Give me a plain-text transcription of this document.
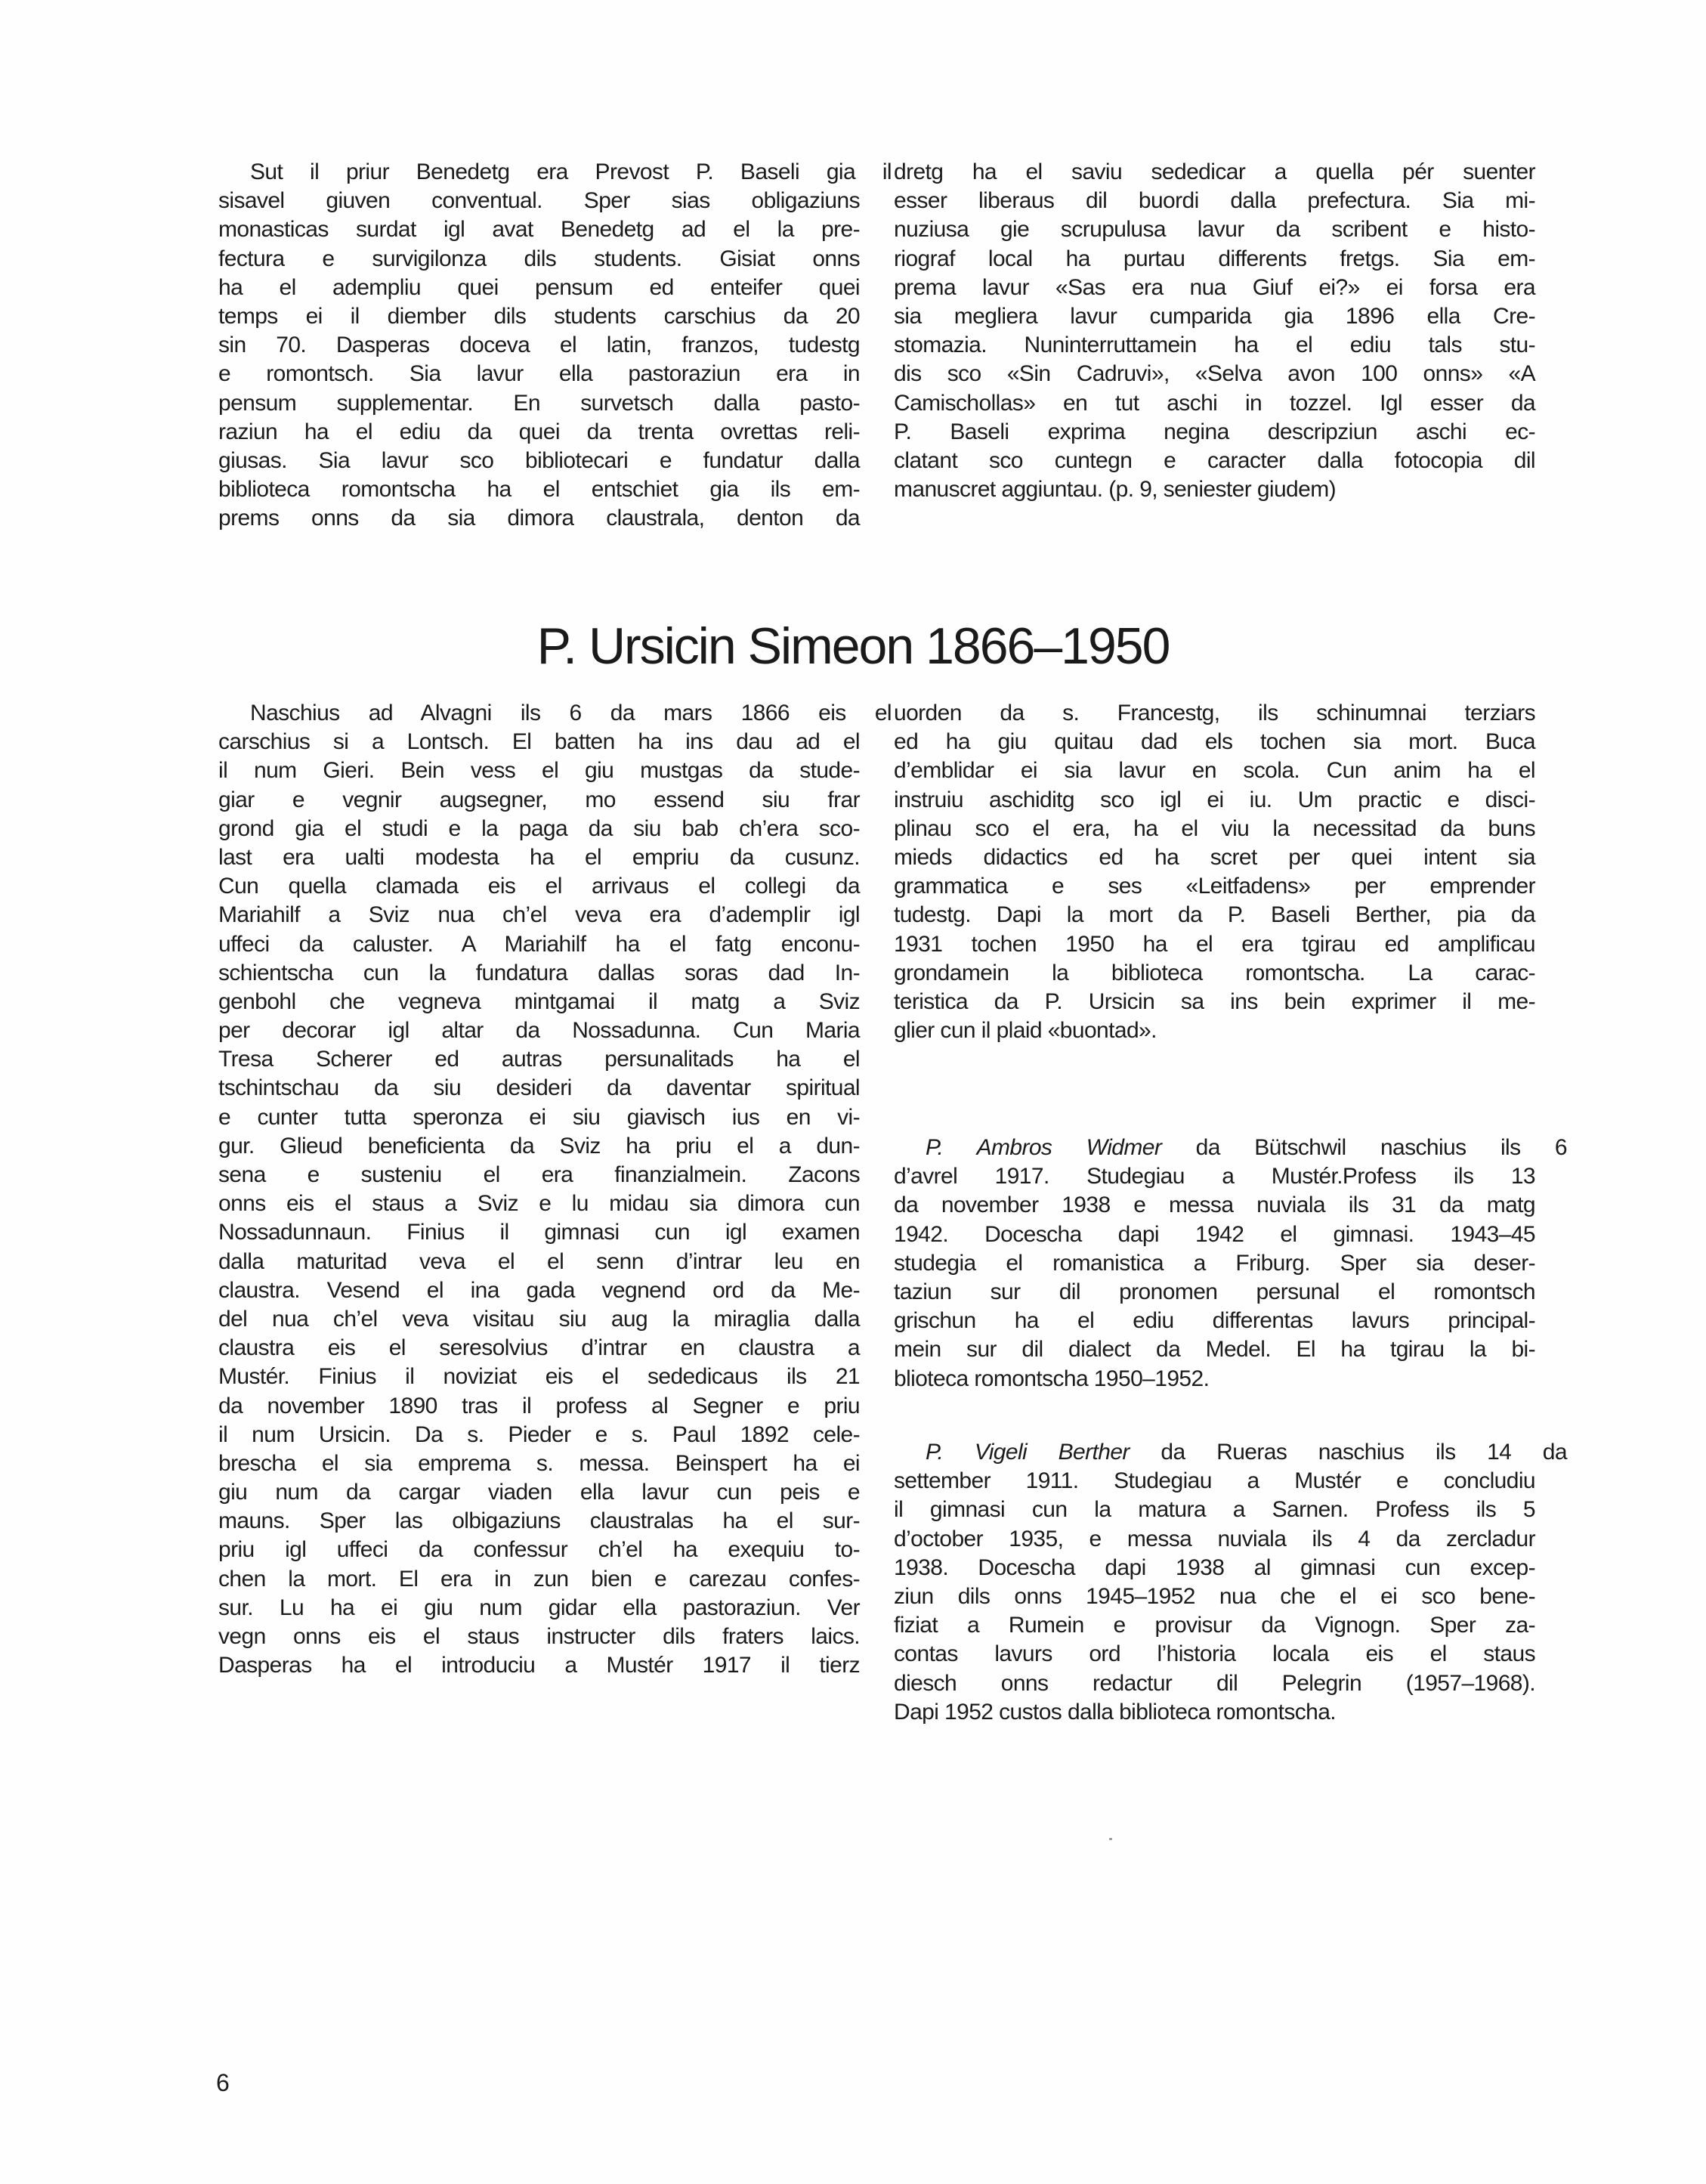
Sut il priur Benedetg era Prevost P. Baseli gia il
sisavel giuven conventual. Sper sias obligaziuns
monasticas surdat igl avat Benedetg ad el la pre-
fectura e survigilonza dils students. Gisiat onns
ha el adempliu quei pensum ed enteifer quei
temps ei il diember dils students carschius da 20
sin 70. Dasperas doceva el latin, franzos, tudestg
e romontsch. Sia lavur ella pastoraziun era in
pensum supplementar. En survetsch dalla pasto-
raziun ha el ediu da quei da trenta ovrettas reli-
giusas. Sia lavur sco bibliotecari e fundatur dalla
biblioteca romontscha ha el entschiet gia ils em-
prems onns da sia dimora claustrala, denton da
dretg ha el saviu sededicar a quella pér suenter
esser liberaus dil buordi dalla prefectura. Sia mi-
nuziusa gie scrupulusa lavur da scribent e histo-
riograf local ha purtau differents fretgs. Sia em-
prema lavur «Sas era nua Giuf ei?» ei forsa era
sia megliera lavur cumparida gia 1896 ella Cre-
stomazia. Nuninterruttamein ha el ediu tals stu-
dis sco «Sin Cadruvi», «Selva avon 100 onns» «A
Camischollas» en tut aschi in tozzel. Igl esser da
P. Baseli exprima negina descripziun aschi ec-
clatant sco cuntegn e caracter dalla fotocopia dil
manuscret aggiuntau. (p. 9, seniester giudem)
P. Ursicin Simeon 1866–1950
Naschius ad Alvagni ils 6 da mars 1866 eis el
carschius si a Lontsch. El batten ha ins dau ad el
il num Gieri. Bein vess el giu mustgas da stude-
giar e vegnir augsegner, mo essend siu frar
grond gia el studi e la paga da siu bab ch’era sco-
last era ualti modesta ha el empriu da cusunz.
Cun quella clamada eis el arrivaus el collegi da
Mariahilf a Sviz nua ch’el veva era d’adempIir igl
uffeci da caluster. A Mariahilf ha el fatg enconu-
schientscha cun la fundatura dallas soras dad In-
genbohl che vegneva mintgamai il matg a Sviz
per decorar igl altar da Nossadunna. Cun Maria
Tresa Scherer ed autras persunalitads ha el
tschintschau da siu desideri da daventar spiritual
e cunter tutta speronza ei siu giavisch ius en vi-
gur. Glieud beneficienta da Sviz ha priu el a dun-
sena e susteniu el era finanzialmein. Zacons
onns eis el staus a Sviz e lu midau sia dimora cun
Nossadunnaun. Finius il gimnasi cun igl examen
dalla maturitad veva el el senn d’intrar leu en
claustra. Vesend el ina gada vegnend ord da Me-
del nua ch’el veva visitau siu aug la miraglia dalla
claustra eis el seresolvius d’intrar en claustra a
Mustér. Finius il noviziat eis el sededicaus ils 21
da november 1890 tras il profess al Segner e priu
il num Ursicin. Da s. Pieder e s. Paul 1892 cele-
brescha el sia emprema s. messa. Beinspert ha ei
giu num da cargar viaden ella lavur cun peis e
mauns. Sper las olbigaziuns claustralas ha el sur-
priu igl uffeci da confessur ch’el ha exequiu to-
chen la mort. El era in zun bien e carezau confes-
sur. Lu ha ei giu num gidar ella pastoraziun. Ver
vegn onns eis el staus instructer dils fraters laics.
Dasperas ha el introduciu a Mustér 1917 il tierz
uorden da s. Francestg, ils schinumnai terziars
ed ha giu quitau dad els tochen sia mort. Buca
d’emblidar ei sia lavur en scola. Cun anim ha el
instruiu aschiditg sco igl ei iu. Um practic e disci-
plinau sco el era, ha el viu la necessitad da buns
mieds didactics ed ha scret per quei intent sia
grammatica e ses «Leitfadens» per emprender
tudestg. Dapi la mort da P. Baseli Berther, pia da
1931 tochen 1950 ha el era tgirau ed amplificau
grondamein la biblioteca romontscha. La carac-
teristica da P. Ursicin sa ins bein exprimer il me-
glier cun il plaid «buontad».
P. Ambros Widmer da Bütschwil naschius ils 6
d’avrel 1917. Studegiau a Mustér.Profess ils 13
da november 1938 e messa nuviala ils 31 da matg
1942. Docescha dapi 1942 el gimnasi. 1943–45
studegia el romanistica a Friburg. Sper sia deser-
taziun sur dil pronomen persunal el romontsch
grischun ha el ediu differentas lavurs principal-
mein sur dil dialect da Medel. El ha tgirau la bi-
blioteca romontscha 1950–1952.
P. Vigeli Berther da Rueras naschius ils 14 da
settember 1911. Studegiau a Mustér e concludiu
il gimnasi cun la matura a Sarnen. Profess ils 5
d’october 1935, e messa nuviala ils 4 da zercladur
1938. Docescha dapi 1938 al gimnasi cun excep-
ziun dils onns 1945–1952 nua che el ei sco bene-
fiziat a Rumein e provisur da Vignogn. Sper za-
contas lavurs ord l’historia locala eis el staus
diesch onns redactur dil Pelegrin (1957–1968).
Dapi 1952 custos dalla biblioteca romontscha.
6
